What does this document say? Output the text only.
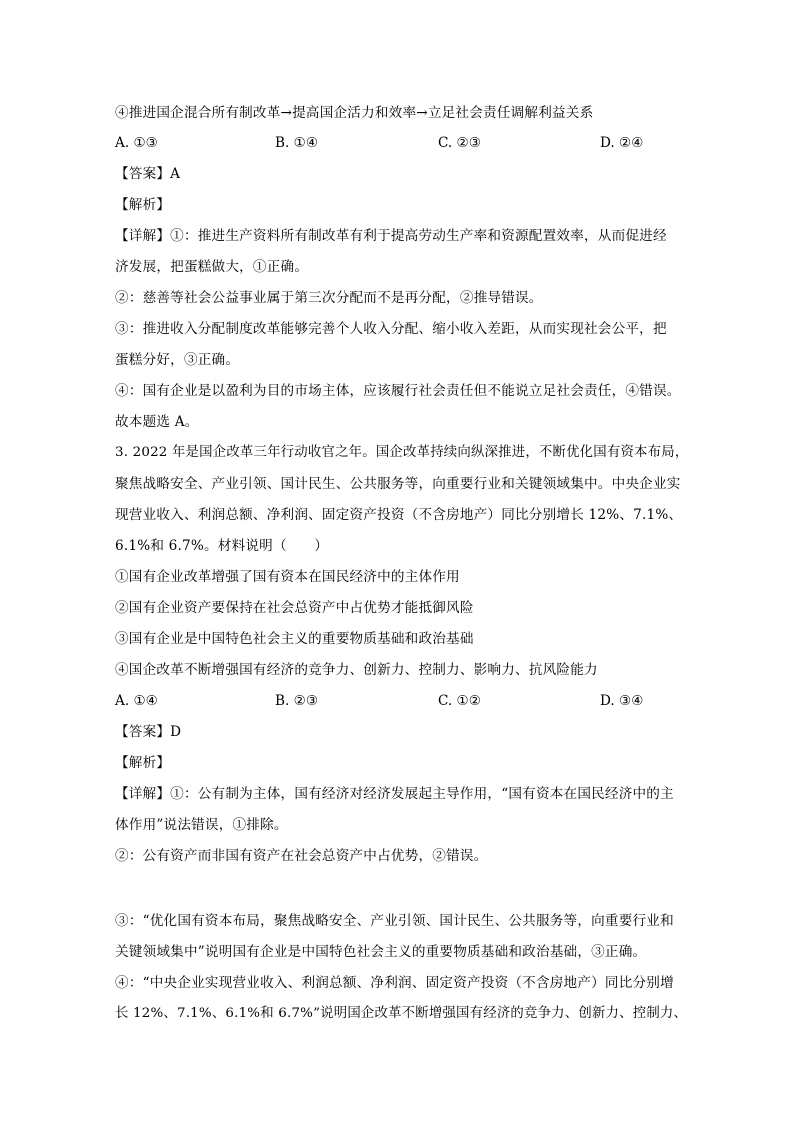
④推进国企混合所有制改革→提高国企活力和效率→立足社会责任调解利益关系
A. ①③	B. ①④	C. ②③	D. ②④
【答案】A
【解析】
【详解】①：推进生产资料所有制改革有利于提高劳动生产率和资源配置效率，从而促进经
济发展，把蛋糕做大，①正确。
②：慈善等社会公益事业属于第三次分配而不是再分配，②推导错误。
③：推进收入分配制度改革能够完善个人收入分配、缩小收入差距，从而实现社会公平，把
蛋糕分好，③正确。
④：国有企业是以盈利为目的市场主体，应该履行社会责任但不能说立足社会责任，④错误。
故本题选 A。
3. 2022 年是国企改革三年行动收官之年。国企改革持续向纵深推进，不断优化国有资本布局，
聚焦战略安全、产业引领、国计民生、公共服务等，向重要行业和关键领域集中。中央企业实
现营业收入、利润总额、净利润、固定资产投资（不含房地产）同比分别增长 12%、7.1%、
6.1%和 6.7%。材料说明（　　）
①国有企业改革增强了国有资本在国民经济中的主体作用
②国有企业资产要保持在社会总资产中占优势才能抵御风险
③国有企业是中国特色社会主义的重要物质基础和政治基础
④国企改革不断增强国有经济的竞争力、创新力、控制力、影响力、抗风险能力
A. ①④	B. ②③	C. ①②	D. ③④
【答案】D
【解析】
【详解】①：公有制为主体，国有经济对经济发展起主导作用，“国有资本在国民经济中的主
体作用”说法错误，①排除。
②：公有资产而非国有资产在社会总资产中占优势，②错误。
③：“优化国有资本布局，聚焦战略安全、产业引领、国计民生、公共服务等，向重要行业和
关键领域集中”说明国有企业是中国特色社会主义的重要物质基础和政治基础，③正确。
④：“中央企业实现营业收入、利润总额、净利润、固定资产投资（不含房地产）同比分别增
长 12%、7.1%、6.1%和 6.7%”说明国企改革不断增强国有经济的竞争力、创新力、控制力、
